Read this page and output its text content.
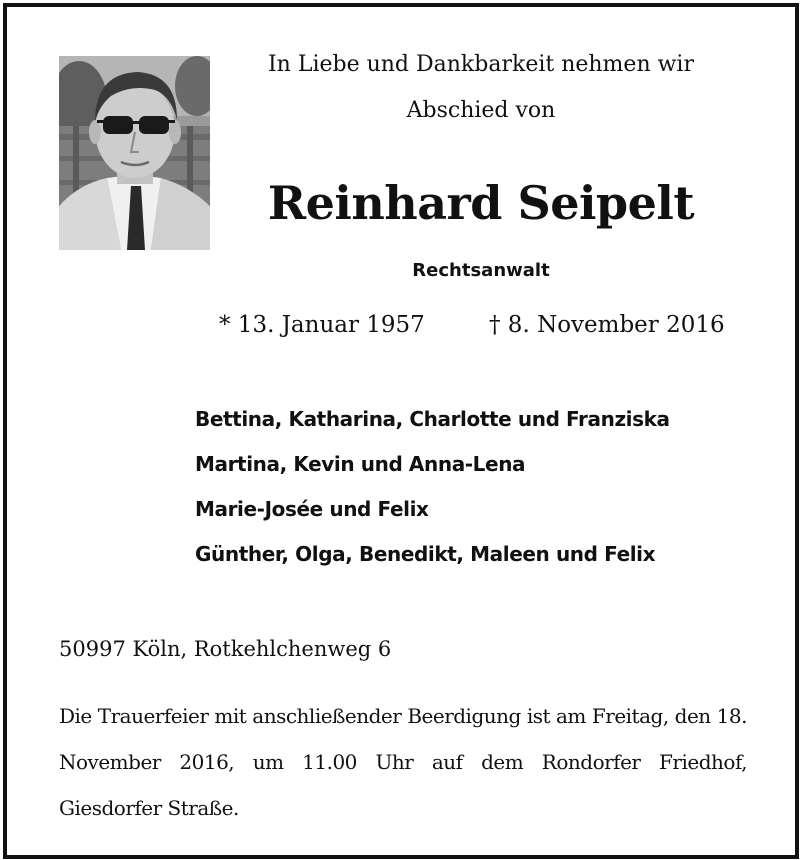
In Liebe und Dankbarkeit nehmen wir
Abschied von
Reinhard Seipelt
Rechtsanwalt
* 13. Januar 1957	† 8. November 2016
Bettina, Katharina, Charlotte und Franziska
Martina, Kevin und Anna-Lena
Marie-Josée und Felix
Günther, Olga, Benedikt, Maleen und Felix
50997 Köln, Rotkehlchenweg 6

Die Trauerfeier mit anschließender Beerdigung ist am Freitag, den 18. November 2016, um 11.00 Uhr auf dem Rondorfer Friedhof, Giesdorfer Straße.
